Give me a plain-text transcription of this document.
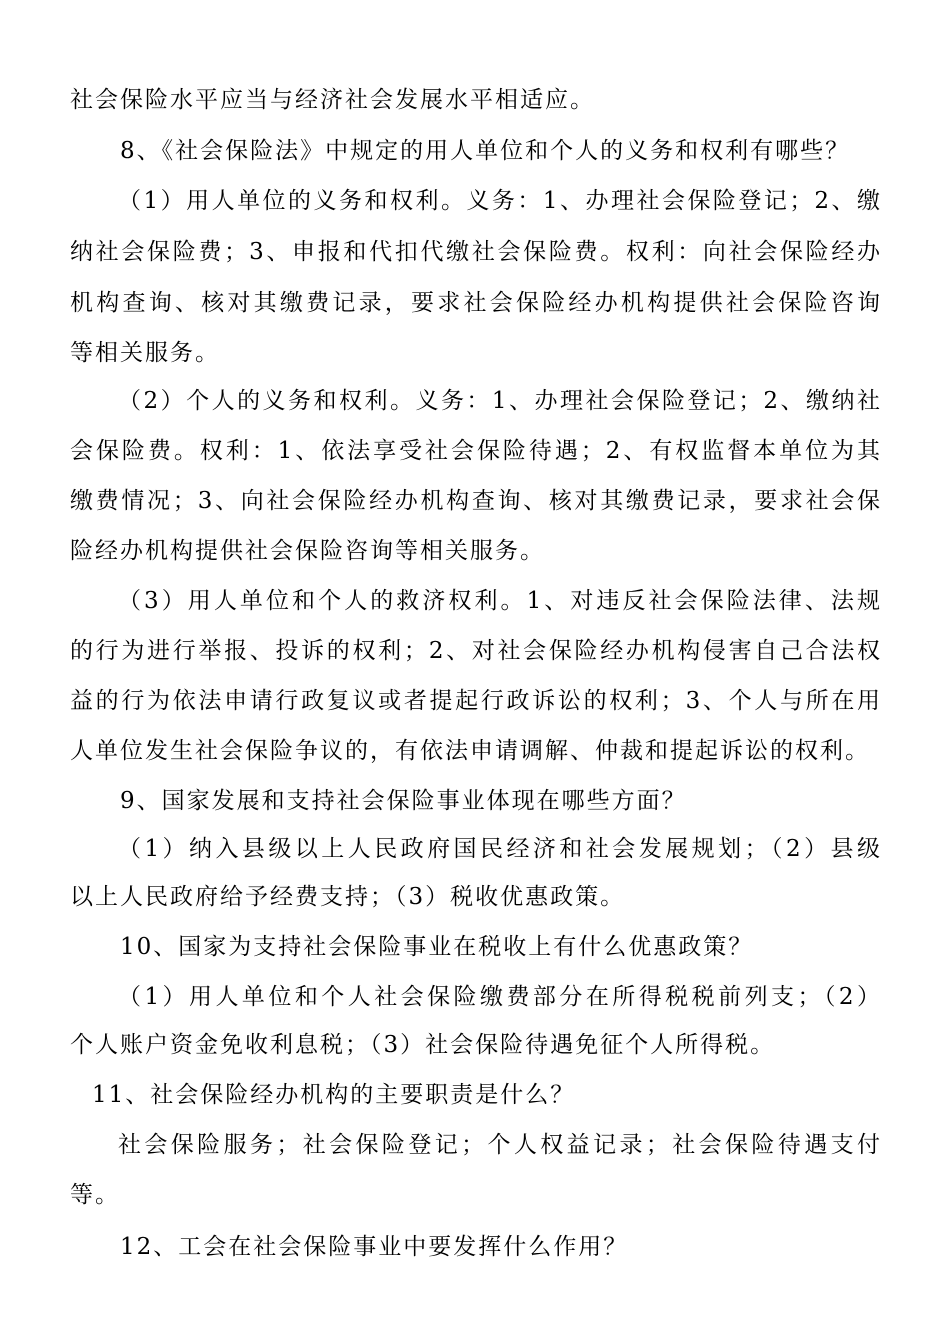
社会保险水平应当与经济社会发展水平相适应。
8、《社会保险法》中规定的用人单位和个人的义务和权利有哪些？
（1）用人单位的义务和权利。义务：1、办理社会保险登记；2、缴
纳社会保险费；3、申报和代扣代缴社会保险费。权利：向社会保险经办
机构查询、核对其缴费记录，要求社会保险经办机构提供社会保险咨询
等相关服务。
（2）个人的义务和权利。义务：1、办理社会保险登记；2、缴纳社
会保险费。权利：1、依法享受社会保险待遇；2、有权监督本单位为其
缴费情况；3、向社会保险经办机构查询、核对其缴费记录，要求社会保
险经办机构提供社会保险咨询等相关服务。
（3）用人单位和个人的救济权利。1、对违反社会保险法律、法规
的行为进行举报、投诉的权利；2、对社会保险经办机构侵害自己合法权
益的行为依法申请行政复议或者提起行政诉讼的权利；3、个人与所在用
人单位发生社会保险争议的，有依法申请调解、仲裁和提起诉讼的权利。
9、国家发展和支持社会保险事业体现在哪些方面？
（1）纳入县级以上人民政府国民经济和社会发展规划；（2）县级
以上人民政府给予经费支持；（3）税收优惠政策。
10、国家为支持社会保险事业在税收上有什么优惠政策？
（1）用人单位和个人社会保险缴费部分在所得税税前列支；（2）
个人账户资金免收利息税；（3）社会保险待遇免征个人所得税。
11、社会保险经办机构的主要职责是什么？
社会保险服务；社会保险登记；个人权益记录；社会保险待遇支付
等。
12、工会在社会保险事业中要发挥什么作用？
